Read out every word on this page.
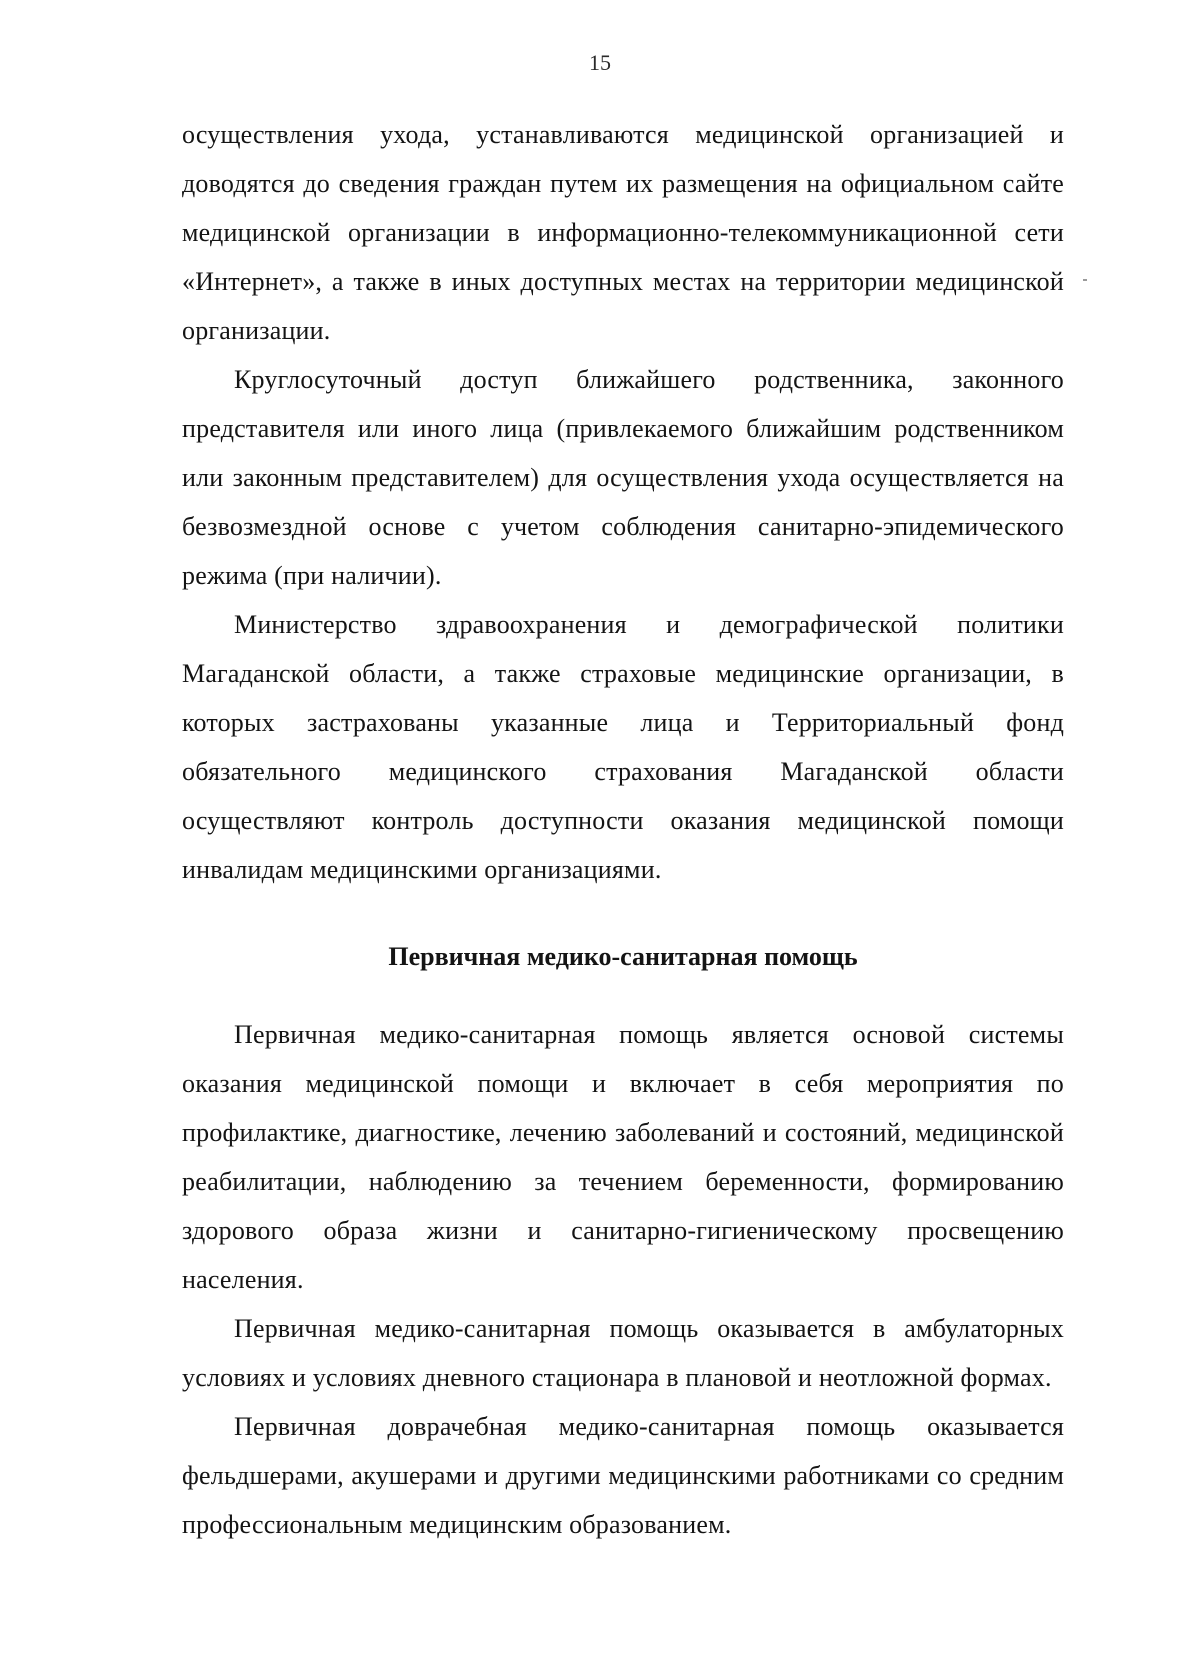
15

осуществления ухода, устанавливаются медицинской организацией и доводятся до сведения граждан путем их размещения на официальном сайте медицинской организации в информационно-телекоммуникационной сети «Интернет», а также в иных доступных местах на территории медицинской организации.

Круглосуточный доступ ближайшего родственника, законного представителя или иного лица (привлекаемого ближайшим родственником или законным представителем) для осуществления ухода осуществляется на безвозмездной основе с учетом соблюдения санитарно-эпидемического режима (при наличии).

Министерство здравоохранения и демографической политики Магаданской области, а также страховые медицинские организации, в которых застрахованы указанные лица и Территориальный фонд обязательного медицинского страхования Магаданской области осуществляют контроль доступности оказания медицинской помощи инвалидам медицинскими организациями.

Первичная медико-санитарная помощь

Первичная медико-санитарная помощь является основой системы оказания медицинской помощи и включает в себя мероприятия по профилактике, диагностике, лечению заболеваний и состояний, медицинской реабилитации, наблюдению за течением беременности, формированию здорового образа жизни и санитарно-гигиеническому просвещению населения.

Первичная медико-санитарная помощь оказывается в амбулаторных условиях и условиях дневного стационара в плановой и неотложной формах.

Первичная доврачебная медико-санитарная помощь оказывается фельдшерами, акушерами и другими медицинскими работниками со средним профессиональным медицинским образованием.
